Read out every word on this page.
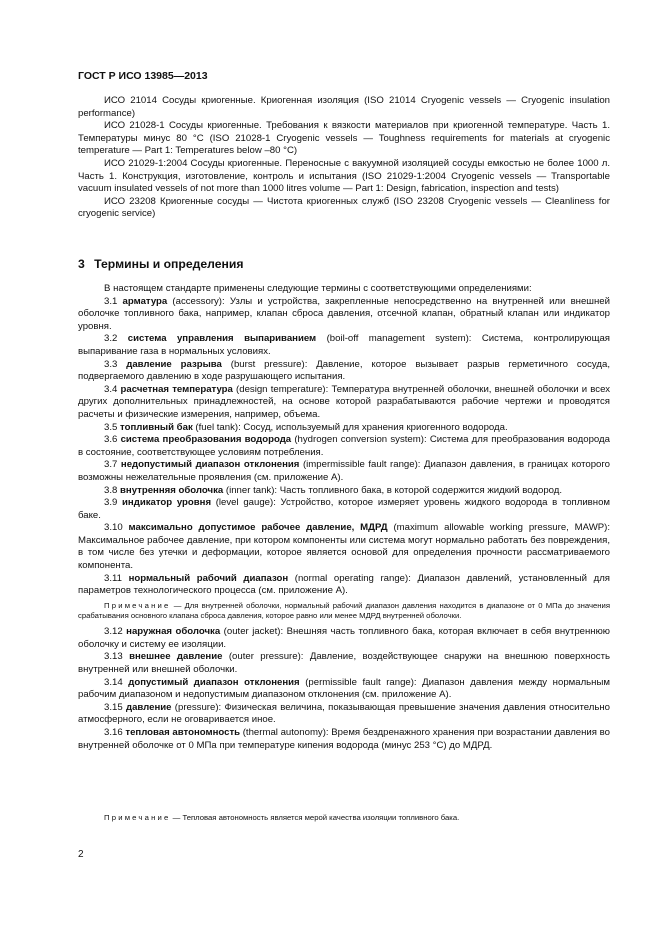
ГОСТ Р ИСО 13985—2013

ИСО 21014 Сосуды криогенные. Криогенная изоляция (ISO 21014 Cryogenic vessels — Cryogenic insulation performance)

ИСО 21028-1 Сосуды криогенные. Требования к вязкости материалов при криогенной температуре. Часть 1. Температуры минус 80 °С (ISO 21028-1 Cryogenic vessels — Toughness requirements for materials at cryogenic temperature — Part 1: Temperatures below –80 °C)

ИСО 21029-1:2004 Сосуды криогенные. Переносные с вакуумной изоляцией сосуды емкостью не более 1000 л. Часть 1. Конструкция, изготовление, контроль и испытания (ISO 21029-1:2004 Cryogenic vessels — Transportable vacuum insulated vessels of not more than 1000 litres volume — Part 1: Design, fabrication, inspection and tests)

ИСО 23208 Криогенные сосуды — Чистота криогенных служб (ISO 23208 Cryogenic vessels — Cleanliness for cryogenic service)

3 Термины и определения

В настоящем стандарте применены следующие термины с соответствующими определениями:

3.1 арматура (accessory): Узлы и устройства, закрепленные непосредственно на внутренней или внешней оболочке топливного бака, например, клапан сброса давления, отсечной клапан, обратный клапан или индикатор уровня.

3.2 система управления выпариванием (boil-off management system): Система, контролирующая выпаривание газа в нормальных условиях.

3.3 давление разрыва (burst pressure): Давление, которое вызывает разрыв герметичного сосуда, подвергаемого давлению в ходе разрушающего испытания.

3.4 расчетная температура (design temperature): Температура внутренней оболочки, внешней оболочки и всех других дополнительных принадлежностей, на основе которой разрабатываются рабочие чертежи и проводятся расчеты и физические измерения, например, объема.

3.5 топливный бак (fuel tank): Сосуд, используемый для хранения криогенного водорода.

3.6 система преобразования водорода (hydrogen conversion system): Система для преобразования водорода в состояние, соответствующее условиям потребления.

3.7 недопустимый диапазон отклонения (impermissible fault range): Диапазон давления, в границах которого возможны нежелательные проявления (см. приложение А).

3.8 внутренняя оболочка (inner tank): Часть топливного бака, в которой содержится жидкий водород.

3.9 индикатор уровня (level gauge): Устройство, которое измеряет уровень жидкого водорода в топливном баке.

3.10 максимально допустимое рабочее давление, МДРД (maximum allowable working pressure, MAWP): Максимальное рабочее давление, при котором компоненты или система могут нормально работать без повреждения, в том числе без утечки и деформации, которое является основой для определения прочности рассматриваемого компонента.

3.11 нормальный рабочий диапазон (normal operating range): Диапазон давлений, установленный для параметров технологического процесса (см. приложение А).

Примечание — Для внутренней оболочки, нормальный рабочий диапазон давления находится в диапазоне от 0 МПа до значения срабатывания основного клапана сброса давления, которое равно или менее МДРД внутренней оболочки.

3.12 наружная оболочка (outer jacket): Внешняя часть топливного бака, которая включает в себя внутреннюю оболочку и систему ее изоляции.

3.13 внешнее давление (outer pressure): Давление, воздействующее снаружи на внешнюю поверхность внутренней или внешней оболочки.

3.14 допустимый диапазон отклонения (permissible fault range): Диапазон давления между нормальным рабочим диапазоном и недопустимым диапазоном отклонения (см. приложение А).

3.15 давление (pressure): Физическая величина, показывающая превышение значения давления относительно атмосферного, если не оговаривается иное.

3.16 тепловая автономность (thermal autonomy): Время бездренажного хранения при возрастании давления во внутренней оболочке от 0 МПа при температуре кипения водорода (минус 253 °С) до МДРД.

Примечание — Тепловая автономность является мерой качества изоляции топливного бака.
2
